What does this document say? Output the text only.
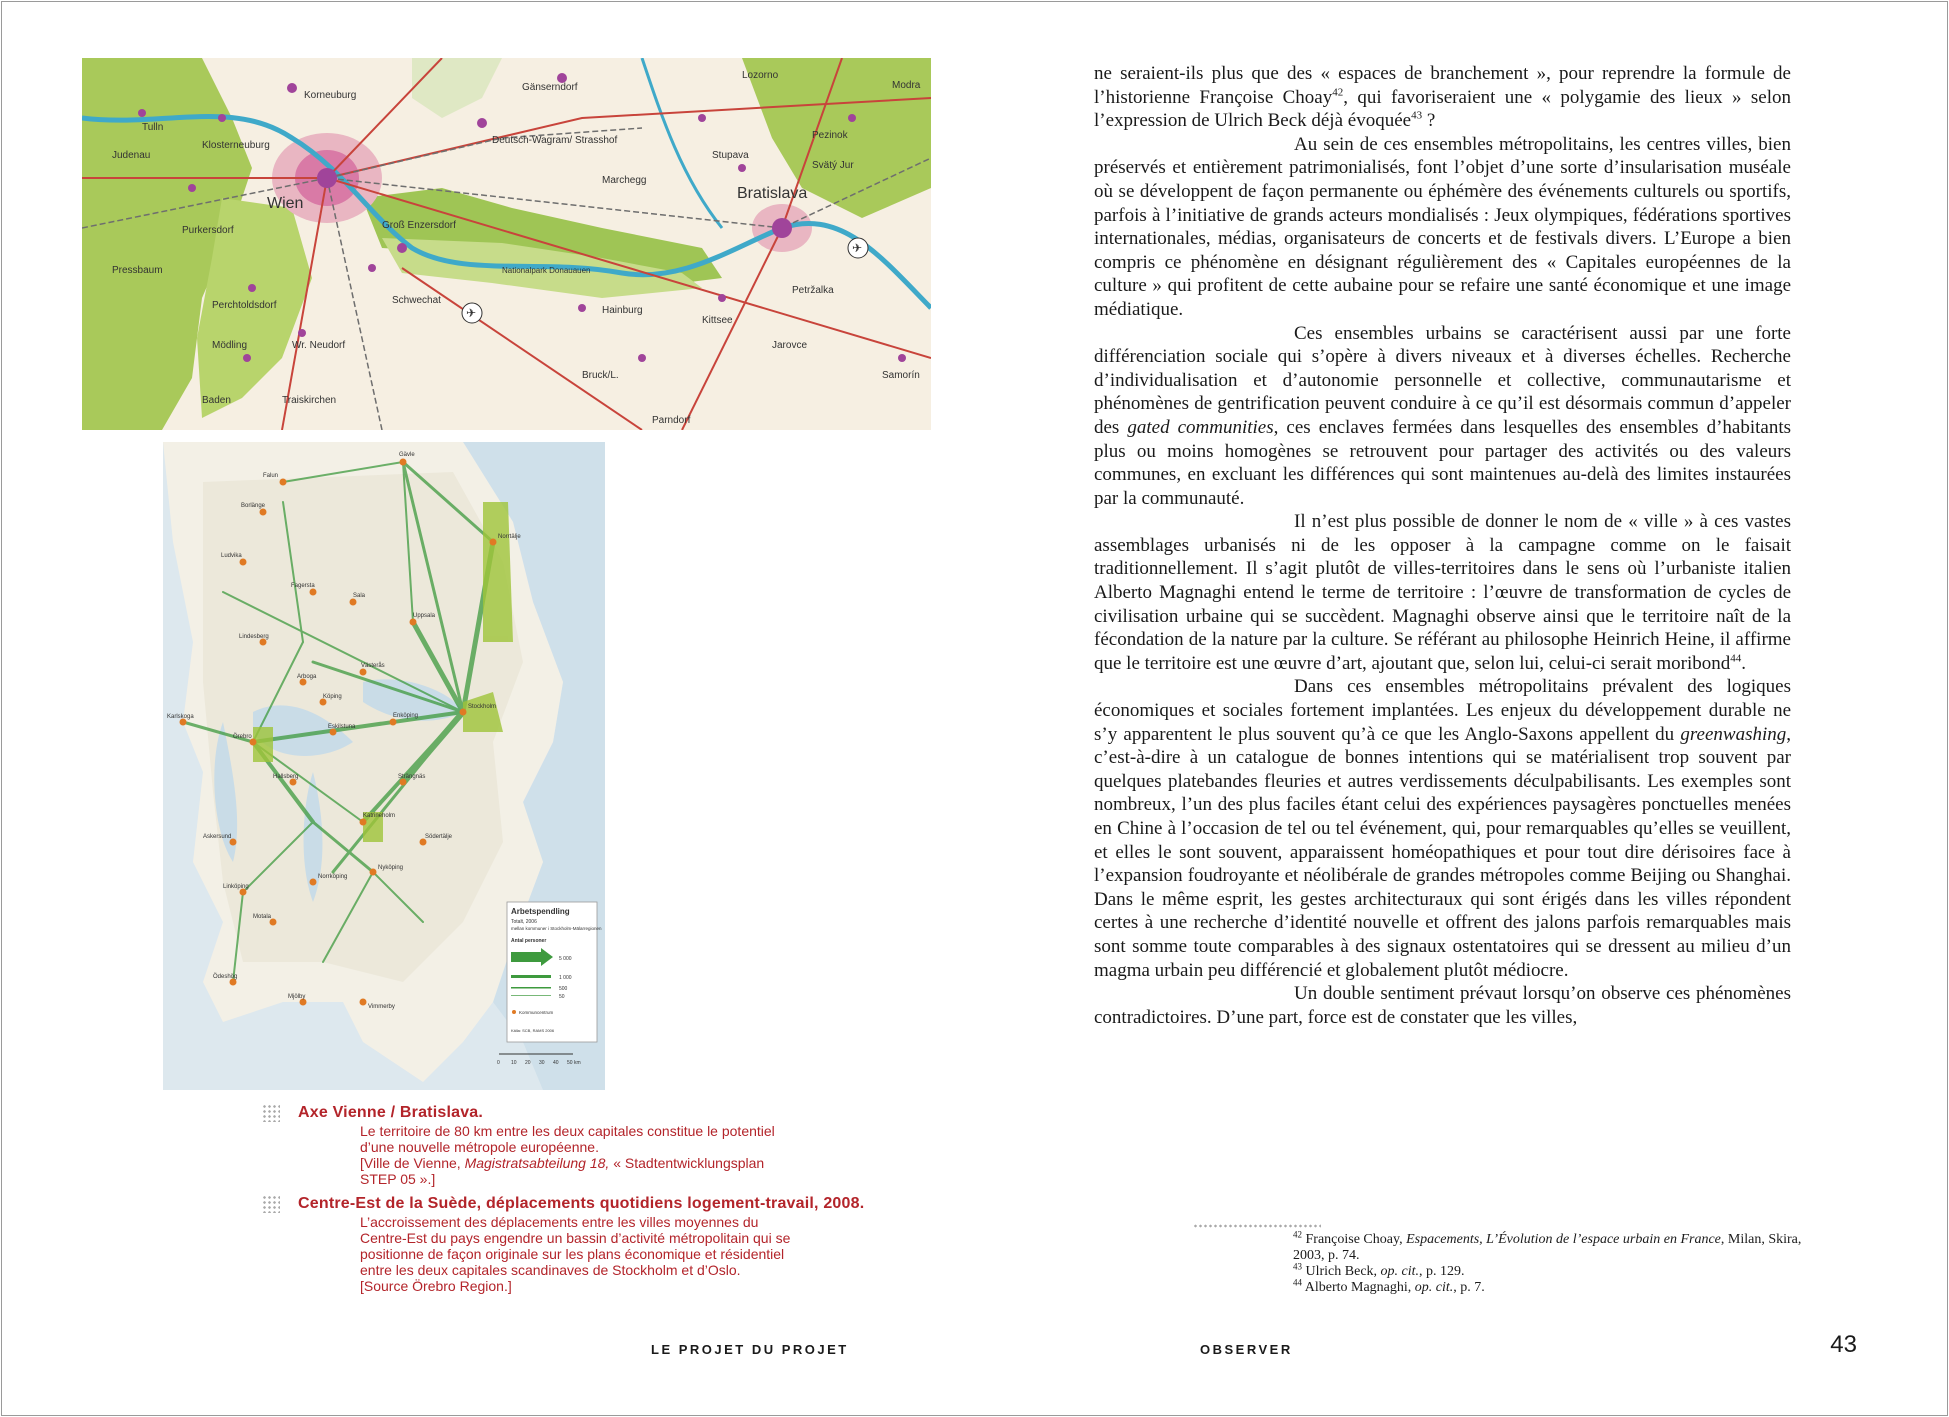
Korneuburg
Gänserndorf
Lozorno
Modra
Tulln
Pezinok
Judenau
Klosterneuburg	Deutsch-Wagram/ Strasshof
Stupava
Svätý Jur
Marchegg
Bratislava
Wien
Purkersdorf	Groß Enzersdorf
Nationalpark Donauauen
Pressbaum
Schwechat
Hainburg
Petržalka
Perchtoldsdorf
Mödling	Wr. Neudorf
Bruck/L.
Kittsee
Jarovce
Samorín
Baden	Traiskirchen
Parndorf
✈
✈
Gävle
Falun
Borlänge
Ludvika
Fagersta
Sala
Uppsala
Norrtälje
Lindesberg
Västerås
Enköping
Arboga
Karlskoga
Köping
Örebro
Eskilstuna
Strängnäs
Stockholm
Södertälje
Hallsberg
Katrineholm
Nyköping
Askersund
Norrköping
Linköping
Motala
Mjölby
Ödeshög
Vimmerby
Arbetspendling
Totalt, 2006
mellan kommuner i Stockholm-Mälarregionen
Antal personer
5 000
1 000
500
50
Kommuncentrum
Källa: SCB, RAMS 2006
0 10 20 30 40 50 km
Axe Vienne / Bratislava.
Le territoire de 80 km entre les deux capitales constitue le potentiel
d’une nouvelle métropole européenne.
[Ville de Vienne, Magistratsabteilung 18, « Stadtentwicklungsplan
STEP 05 ».]
Centre-Est de la Suède, déplacements quotidiens logement-travail, 2008.
L’accroissement des déplacements entre les villes moyennes du
Centre-Est du pays engendre un bassin d’activité métropolitain qui se
positionne de façon originale sur les plans économique et résidentiel
entre les deux capitales scandinaves de Stockholm et d’Oslo.
[Source Örebro Region.]

ne seraient-ils plus que des « espaces de branchement », pour reprendre la formule de l’historienne Françoise Choay$^{42}$, qui favoriseraient une « polygamie des lieux » selon l’expression de Ulrich Beck déjà évoquée$^{43}$ ?

Au sein de ces ensembles métropolitains, les centres villes, bien préservés et entièrement patrimonialisés, font l’objet d’une sorte d’insularisation muséale où se développent de façon permanente ou éphémère des événements culturels ou sportifs, parfois à l’initiative de grands acteurs mondialisés : Jeux olympiques, fédérations sportives internationales, médias, organisateurs de concerts et de festivals divers. L’Europe a bien compris ce phénomène en désignant régulièrement des « Capitales européennes de la culture » qui profitent de cette aubaine pour se refaire une santé économique et une image médiatique.

Ces ensembles urbains se caractérisent aussi par une forte différenciation sociale qui s’opère à divers niveaux et à diverses échelles. Recherche d’individualisation et d’autonomie personnelle et collective, communautarisme et phénomènes de gentrification peuvent conduire à ce qu’il est désormais commun d’appeler des gated communities, ces enclaves fermées dans lesquelles des ensembles d’habitants plus ou moins homogènes se retrouvent pour partager des activités ou des valeurs communes, en excluant les différences qui sont maintenues au-delà des limites instaurées par la communauté.

Il n’est plus possible de donner le nom de « ville » à ces vastes assemblages urbanisés ni de les opposer à la campagne comme on le faisait traditionnellement. Il s’agit plutôt de villes-territoires dans le sens où l’urbaniste italien Alberto Magnaghi entend le terme de territoire : l’œuvre de transformation de cycles de civilisation urbaine qui se succèdent. Magnaghi observe ainsi que le territoire naît de la fécondation de la nature par la culture. Se référant au philosophe Heinrich Heine, il affirme que le territoire est une œuvre d’art, ajoutant que, selon lui, celui-ci serait moribond$^{44}$.

Dans ces ensembles métropolitains prévalent des logiques économiques et sociales fortement implantées. Les enjeux du développement durable ne s’y apparentent le plus souvent qu’à ce que les Anglo-Saxons appellent du greenwashing, c’est-à-dire à un catalogue de bonnes intentions qui se matérialisent trop souvent par quelques platebandes fleuries et autres verdissements déculpabilisants. Les exemples sont nombreux, l’un des plus faciles étant celui des expériences paysagères ponctuelles menées en Chine à l’occasion de tel ou tel événement, qui, pour remarquables qu’elles se veuillent, et elles le sont souvent, apparaissent homéopathiques et pour tout dire dérisoires face à l’expansion foudroyante et néolibérale de grandes métropoles comme Beijing ou Shanghai. Dans le même esprit, les gestes architecturaux qui sont érigés dans les villes répondent certes à une recherche d’identité nouvelle et offrent des jalons parfois remarquables mais sont somme toute comparables à des signaux ostentatoires qui se dressent au milieu d’un magma urbain peu différencié et globalement plutôt médiocre.

Un double sentiment prévaut lorsqu’on observe ces phénomènes contradictoires. D’une part, force est de constater que les villes,

$^{42}$ Françoise Choay, Espacements, L’Évolution de l’espace urbain en France, Milan, Skira, 2003, p. 74.
$^{43}$ Ulrich Beck, op. cit., p. 129.
$^{44}$ Alberto Magnaghi, op. cit., p. 7.
LE PROJET DU PROJET	OBSERVER	43
